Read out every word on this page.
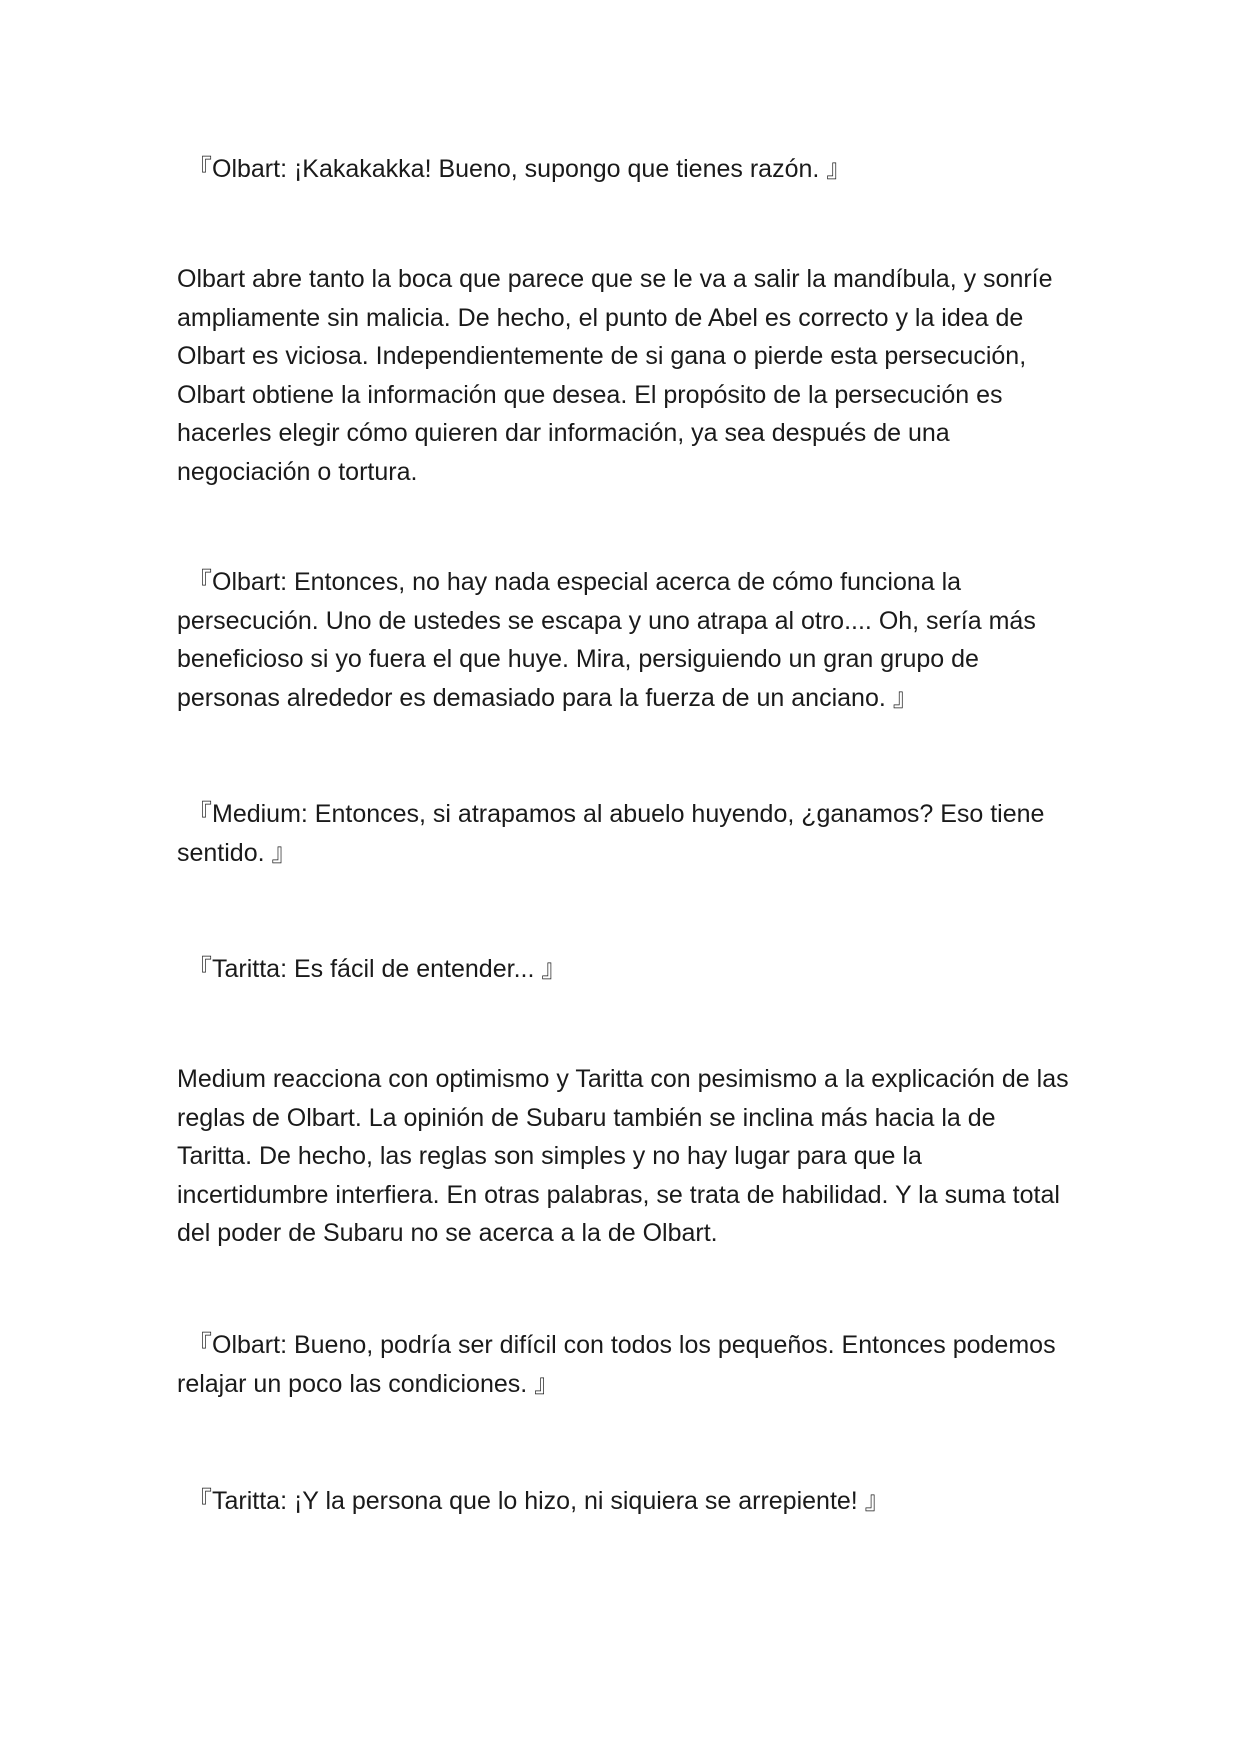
『Olbart: ¡Kakakakka! Bueno, supongo que tienes razón. 』

Olbart abre tanto la boca que parece que se le va a salir la mandíbula, y sonríe ampliamente sin malicia. De hecho, el punto de Abel es correcto y la idea de Olbart es viciosa. Independientemente de si gana o pierde esta persecución, Olbart obtiene la información que desea. El propósito de la persecución es hacerles elegir cómo quieren dar información, ya sea después de una negociación o tortura.

『Olbart: Entonces, no hay nada especial acerca de cómo funciona la persecución. Uno de ustedes se escapa y uno atrapa al otro.... Oh, sería más beneficioso si yo fuera el que huye. Mira, persiguiendo un gran grupo de personas alrededor es demasiado para la fuerza de un anciano. 』

『Medium: Entonces, si atrapamos al abuelo huyendo, ¿ganamos? Eso tiene sentido. 』

『Taritta: Es fácil de entender... 』

Medium reacciona con optimismo y Taritta con pesimismo a la explicación de las reglas de Olbart. La opinión de Subaru también se inclina más hacia la de Taritta. De hecho, las reglas son simples y no hay lugar para que la incertidumbre interfiera. En otras palabras, se trata de habilidad. Y la suma total del poder de Subaru no se acerca a la de Olbart.

『Olbart: Bueno, podría ser difícil con todos los pequeños. Entonces podemos relajar un poco las condiciones. 』

『Taritta: ¡Y la persona que lo hizo, ni siquiera se arrepiente! 』
